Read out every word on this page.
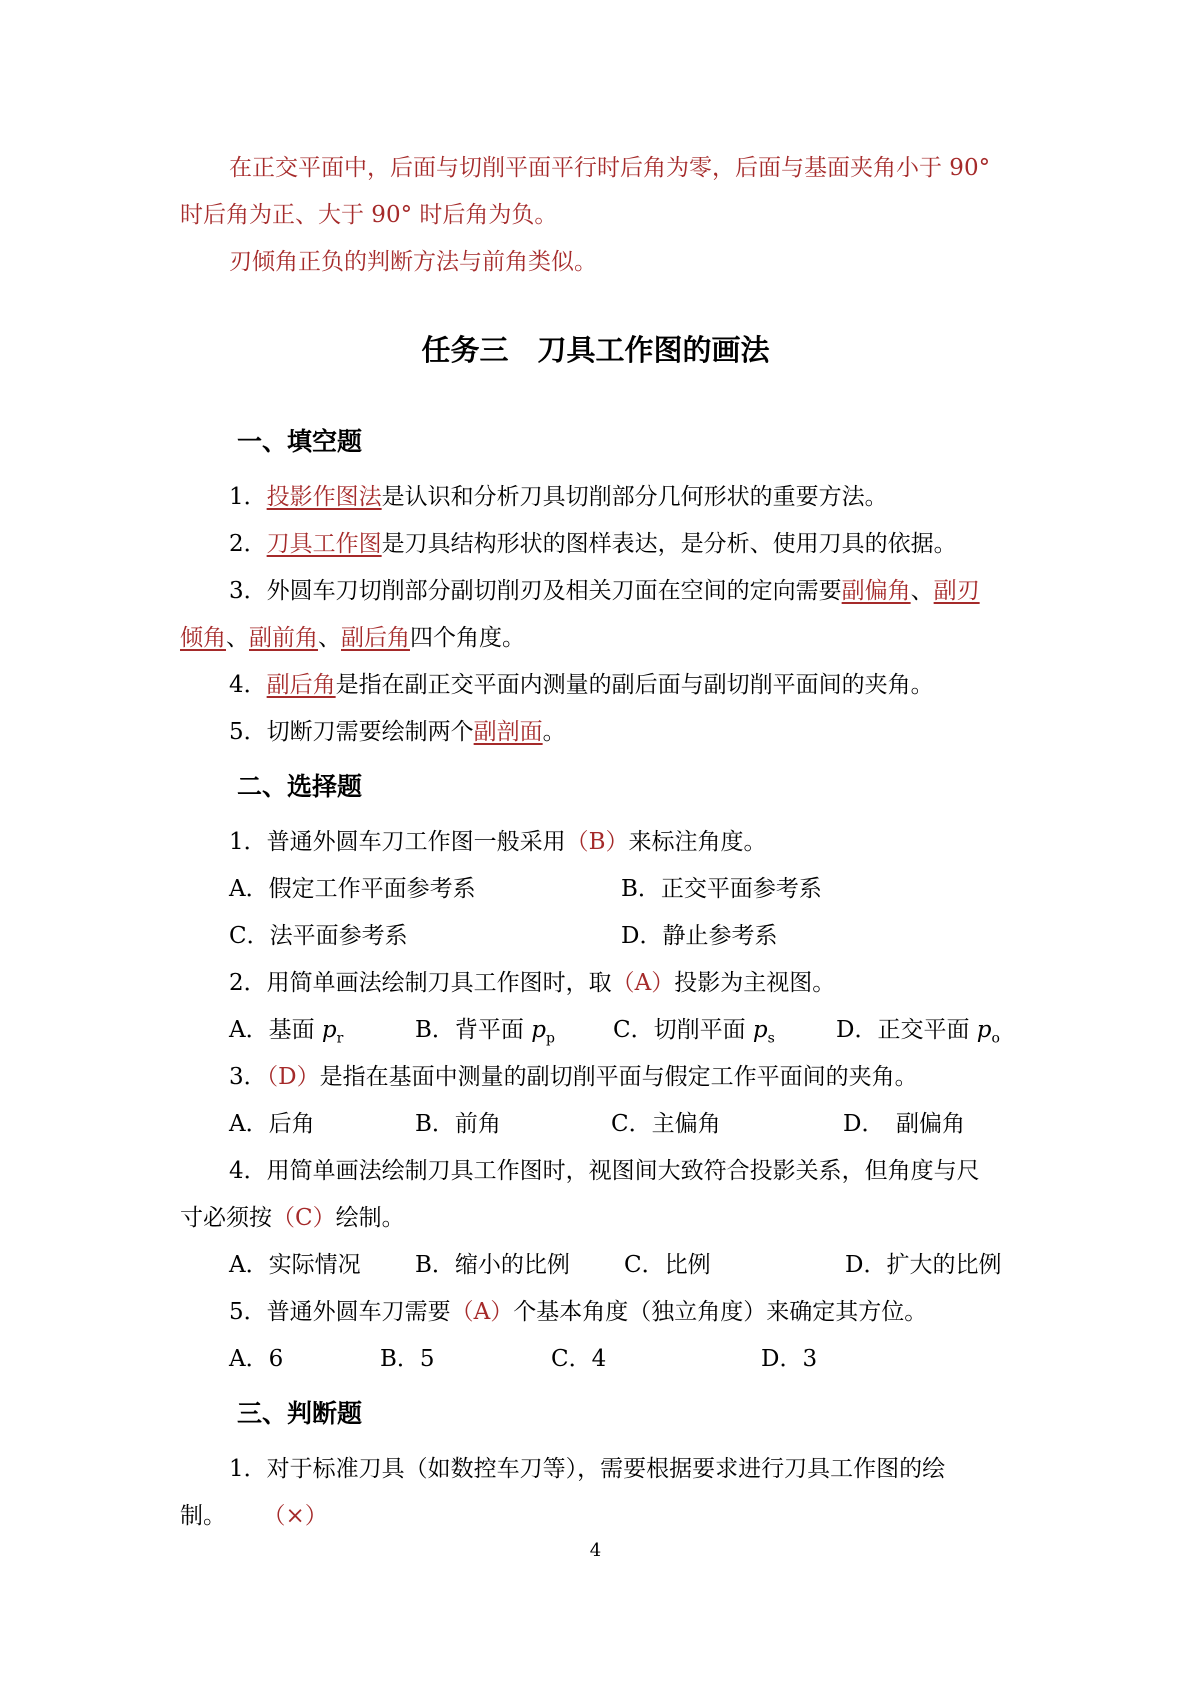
在正交平面中，后面与切削平面平行时后角为零，后面与基面夹角小于 90°
时后角为正、大于 90° 时后角为负。
刃倾角正负的判断方法与前角类似。
任务三　刀具工作图的画法
一、填空题
1．投影作图法是认识和分析刀具切削部分几何形状的重要方法。
2．刀具工作图是刀具结构形状的图样表达，是分析、使用刀具的依据。
3．外圆车刀切削部分副切削刃及相关刀面在空间的定向需要副偏角、副刃
倾角、副前角、副后角四个角度。
4．副后角是指在副正交平面内测量的副后面与副切削平面间的夹角。
5．切断刀需要绘制两个副剖面。
二、选择题
1．普通外圆车刀工作图一般采用（B）来标注角度。
A．假定工作平面参考系	B．正交平面参考系
C．法平面参考系	D．静止参考系
2．用简单画法绘制刀具工作图时，取（A）投影为主视图。
A．基面 $p_r$	B．背平面 $p_p$	C．切削平面 $p_s$	D．正交平面 $p_o$
3．（D）是指在基面中测量的副切削平面与假定工作平面间的夹角。
A．后角	B．前角	C．主偏角	D．　副偏角
4．用简单画法绘制刀具工作图时，视图间大致符合投影关系，但角度与尺
寸必须按（C）绘制。
A．实际情况 B．缩小的比例 C．比例	D．扩大的比例
5．普通外圆车刀需要（A）个基本角度（独立角度）来确定其方位。
A．6	B．5	C．4	D．3
三、判断题
1．对于标准刀具（如数控车刀等），需要根据要求进行刀具工作图的绘
制。 （×）
4
